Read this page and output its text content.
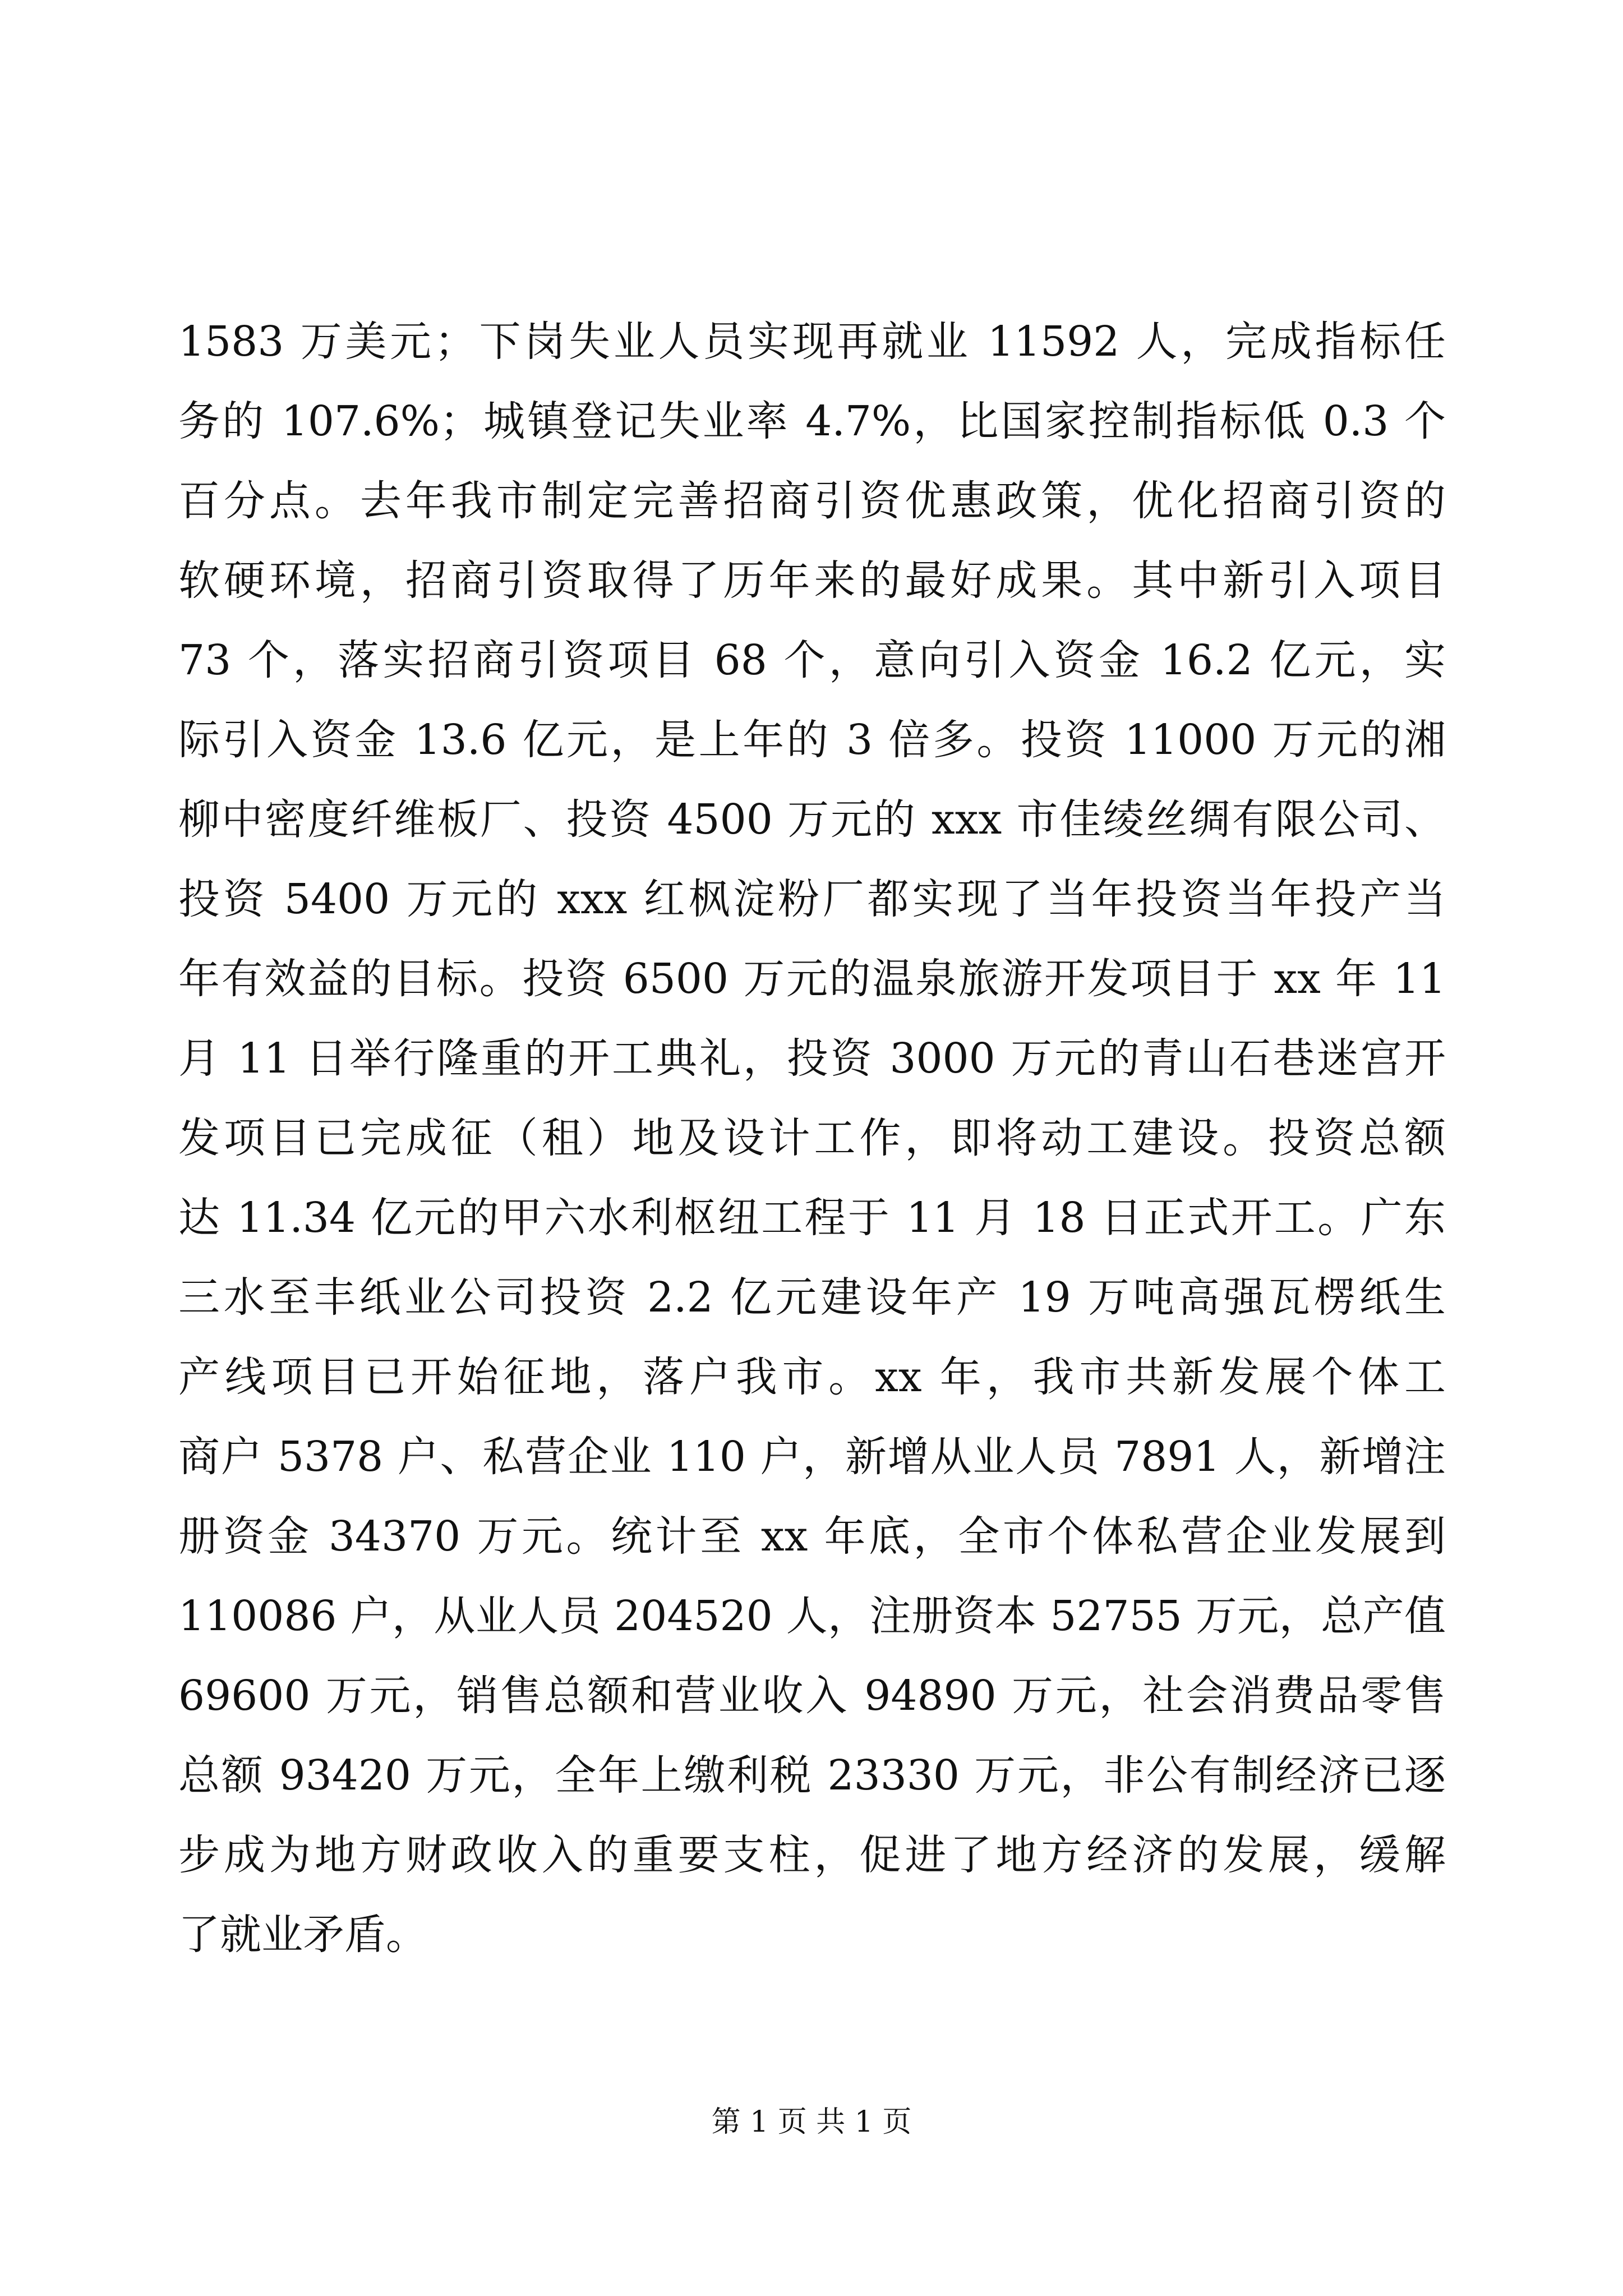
1583 万美元；下岗失业人员实现再就业 11592 人，完成指标任
务的 107.6%；城镇登记失业率 4.7%，比国家控制指标低 0.3 个
百分点。去年我市制定完善招商引资优惠政策，优化招商引资的
软硬环境，招商引资取得了历年来的最好成果。其中新引入项目
73 个，落实招商引资项目 68 个，意向引入资金 16.2 亿元，实
际引入资金 13.6 亿元，是上年的 3 倍多。投资 11000 万元的湘
柳中密度纤维板厂、投资 4500 万元的 xxx 市佳绫丝绸有限公司、
投资 5400 万元的 xxx 红枫淀粉厂都实现了当年投资当年投产当
年有效益的目标。投资 6500 万元的温泉旅游开发项目于 xx 年 11
月 11 日举行隆重的开工典礼，投资 3000 万元的青山石巷迷宫开
发项目已完成征（租）地及设计工作，即将动工建设。投资总额
达 11.34 亿元的甲六水利枢纽工程于 11 月 18 日正式开工。广东
三水至丰纸业公司投资 2.2 亿元建设年产 19 万吨高强瓦楞纸生
产线项目已开始征地，落户我市。xx 年，我市共新发展个体工
商户 5378 户、私营企业 110 户，新增从业人员 7891 人，新增注
册资金 34370 万元。统计至 xx 年底，全市个体私营企业发展到
110086 户，从业人员 204520 人，注册资本 52755 万元，总产值
69600 万元，销售总额和营业收入 94890 万元，社会消费品零售
总额 93420 万元，全年上缴利税 23330 万元，非公有制经济已逐
步成为地方财政收入的重要支柱，促进了地方经济的发展，缓解
了就业矛盾。
第 1 页 共 1 页
